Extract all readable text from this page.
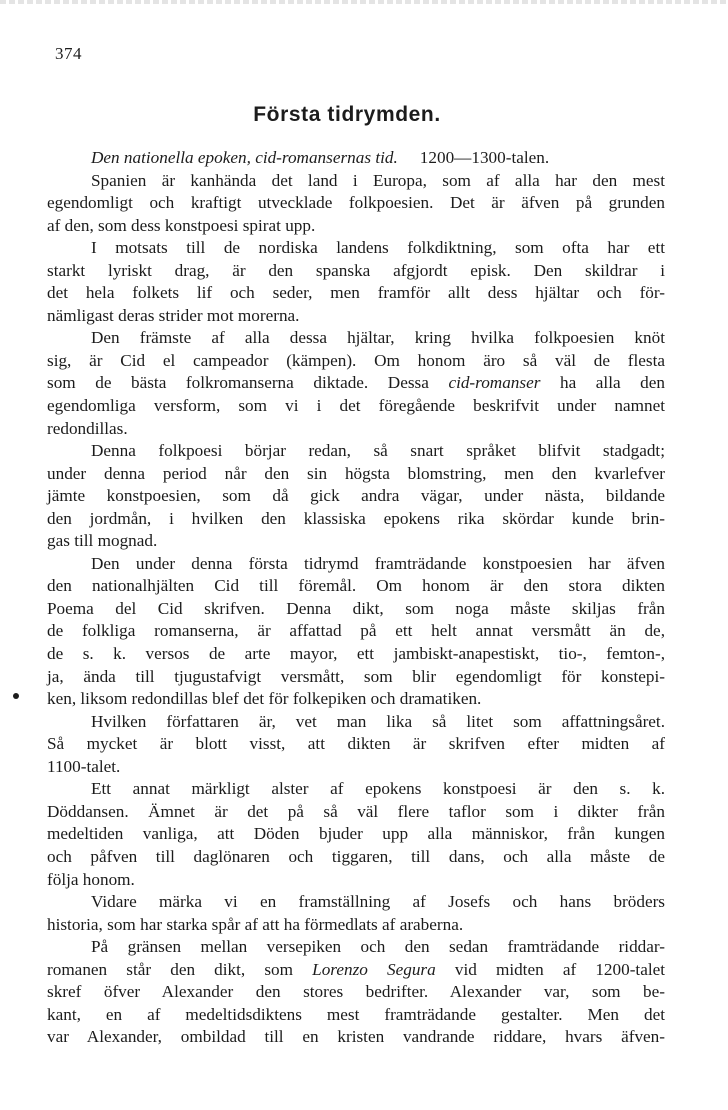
374
Första tidrymden.
Den nationella epoken, cid-romansernas tid. 1200—1300-talen.
Spanien är kanhända det land i Europa, som af alla har den mest
egendomligt och kraftigt utvecklade folkpoesien. Det är äfven på grunden
af den, som dess konstpoesi spirat upp.
I motsats till de nordiska landens folkdiktning, som ofta har ett
starkt lyriskt drag, är den spanska afgjordt episk. Den skildrar i
det hela folkets lif och seder, men framför allt dess hjältar och för-
nämligast deras strider mot morerna.
Den främste af alla dessa hjältar, kring hvilka folkpoesien knöt
sig, är Cid el campeador (kämpen). Om honom äro så väl de flesta
som de bästa folkromanserna diktade. Dessa cid-romanser ha alla den
egendomliga versform, som vi i det föregående beskrifvit under namnet
redondillas.
Denna folkpoesi börjar redan, så snart språket blifvit stadgadt;
under denna period når den sin högsta blomstring, men den kvarlefver
jämte konstpoesien, som då gick andra vägar, under nästa, bildande
den jordmån, i hvilken den klassiska epokens rika skördar kunde brin-
gas till mognad.
Den under denna första tidrymd framträdande konstpoesien har äfven
den nationalhjälten Cid till föremål. Om honom är den stora dikten
Poema del Cid skrifven. Denna dikt, som noga måste skiljas från
de folkliga romanserna, är affattad på ett helt annat versmått än de,
de s. k. versos de arte mayor, ett jambiskt-anapestiskt, tio-, femton-,
ja, ända till tjugustafvigt versmått, som blir egendomligt för konstepi-
ken, liksom redondillas blef det för folkepiken och dramatiken.
Hvilken författaren är, vet man lika så litet som affattningsåret.
Så mycket är blott visst, att dikten är skrifven efter midten af
1100-talet.
Ett annat märkligt alster af epokens konstpoesi är den s. k.
Döddansen. Ämnet är det på så väl flere taflor som i dikter från
medeltiden vanliga, att Döden bjuder upp alla människor, från kungen
och påfven till daglönaren och tiggaren, till dans, och alla måste de
följa honom.
Vidare märka vi en framställning af Josefs och hans bröders
historia, som har starka spår af att ha förmedlats af araberna.
På gränsen mellan versepiken och den sedan framträdande riddar-
romanen står den dikt, som Lorenzo Segura vid midten af 1200-talet
skref öfver Alexander den stores bedrifter. Alexander var, som be-
kant, en af medeltidsdiktens mest framträdande gestalter. Men det
var Alexander, ombildad till en kristen vandrande riddare, hvars äfven-
